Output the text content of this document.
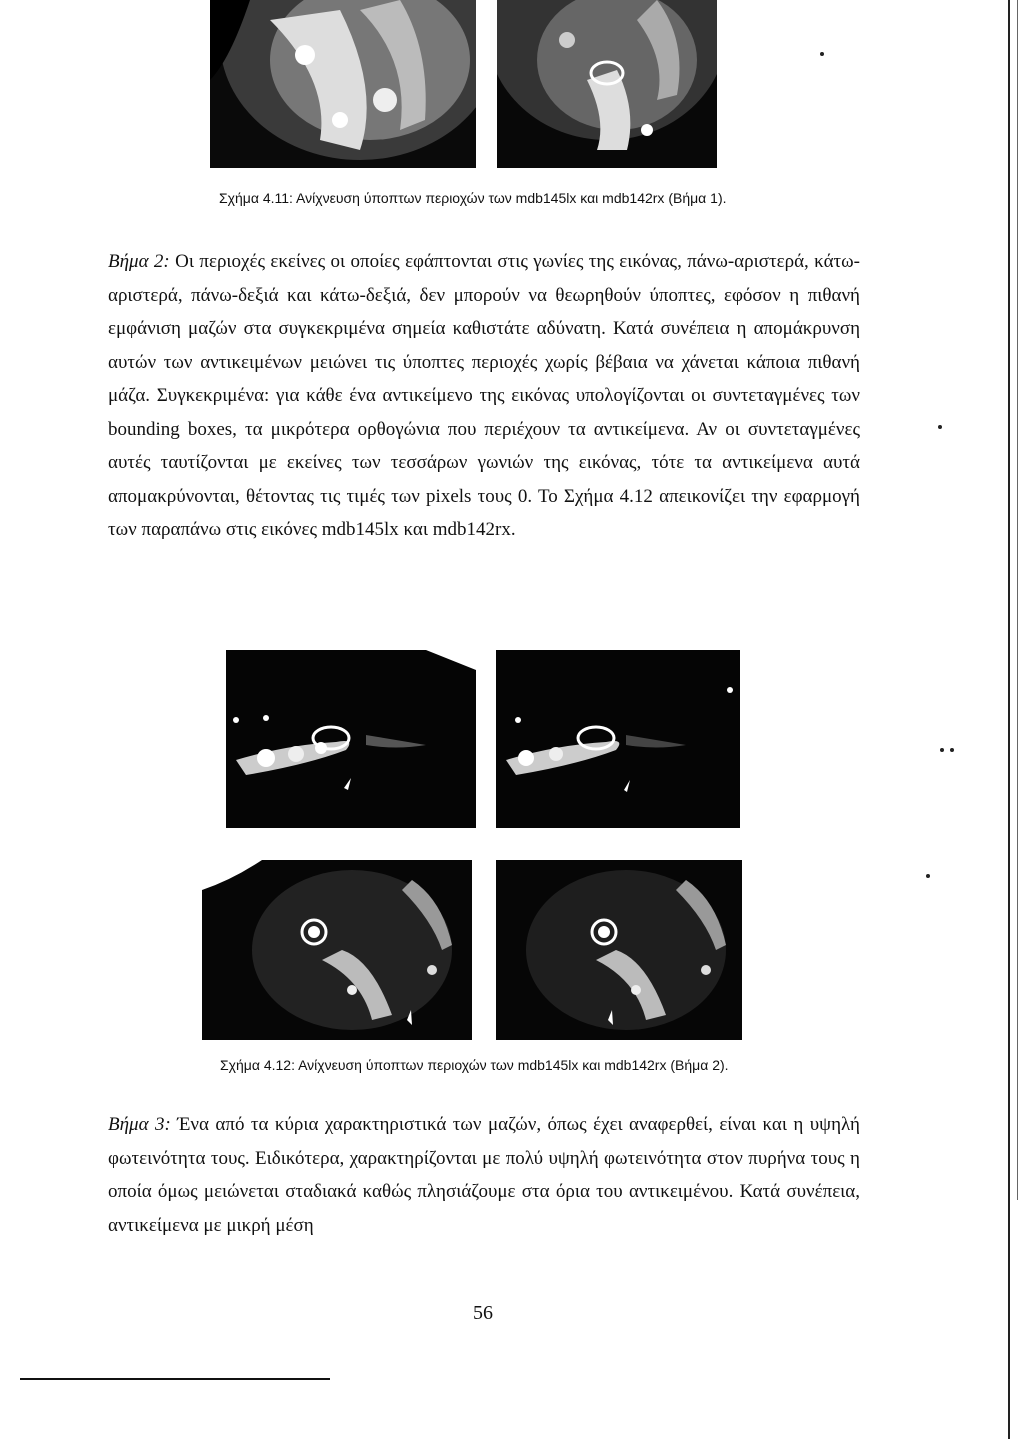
Σχήμα 4.11: Ανίχνευση ύποπτων περιοχών των mdb145lx και mdb142rx (Βήμα 1).

Βήμα 2: Οι περιοχές εκείνες οι οποίες εφάπτονται στις γωνίες της εικόνας, πάνω-αριστερά, κάτω-αριστερά, πάνω-δεξιά και κάτω-δεξιά, δεν μπορούν να θεωρηθούν ύποπτες, εφόσον η πιθανή εμφάνιση μαζών στα συγκεκριμένα σημεία καθιστάτε αδύνατη. Κατά συνέπεια η απομάκρυνση αυτών των αντικειμένων μειώνει τις ύποπτες περιοχές χωρίς βέβαια να χάνεται κάποια πιθανή μάζα. Συγκεκριμένα: για κάθε ένα αντικείμενο της εικόνας υπολογίζονται οι συντεταγμένες των bounding boxes, τα μικρότερα ορθογώνια που περιέχουν τα αντικείμενα. Αν οι συντεταγμένες αυτές ταυτίζονται με εκείνες των τεσσάρων γωνιών της εικόνας, τότε τα αντικείμενα αυτά απομακρύνονται, θέτοντας τις τιμές των pixels τους 0. Το Σχήμα 4.12 απεικονίζει την εφαρμογή των παραπάνω στις εικόνες mdb145lx και mdb142rx.

Σχήμα 4.12: Ανίχνευση ύποπτων περιοχών των mdb145lx και mdb142rx (Βήμα 2).

Βήμα 3: Ένα από τα κύρια χαρακτηριστικά των μαζών, όπως έχει αναφερθεί, είναι και η υψηλή φωτεινότητα τους. Ειδικότερα, χαρακτηρίζονται με πολύ υψηλή φωτεινότητα στον πυρήνα τους η οποία όμως μειώνεται σταδιακά καθώς πλησιάζουμε στα όρια του αντικειμένου. Κατά συνέπεια, αντικείμενα με μικρή μέση

56
